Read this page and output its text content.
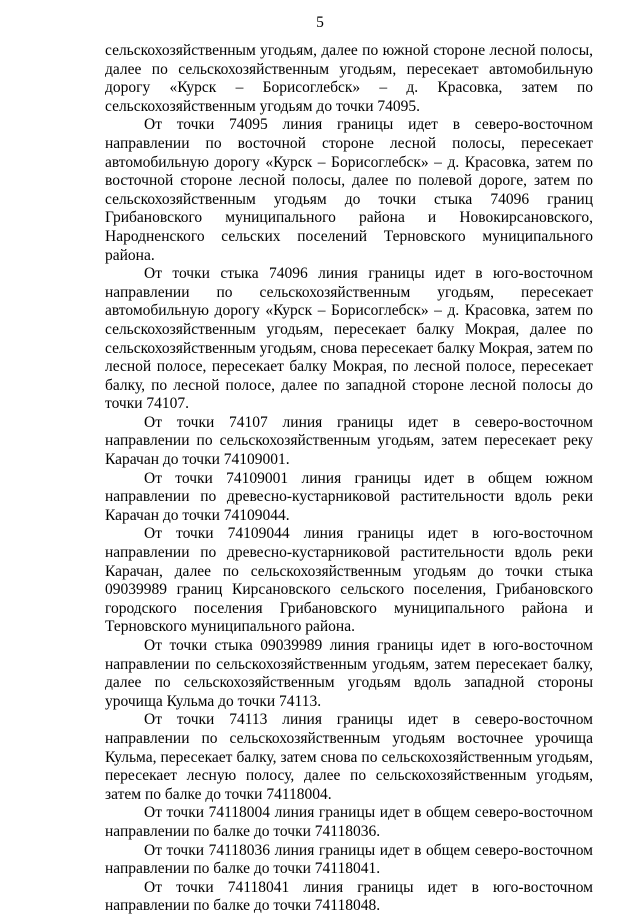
5

сельскохозяйственным угодьям, далее по южной стороне лесной полосы, далее по сельскохозяйственным угодьям, пересекает автомобильную дорогу «Курск – Борисоглебск» – д. Красовка, затем по сельскохозяйственным угодьям до точки 74095.

От точки 74095 линия границы идет в северо-восточном направлении по восточной стороне лесной полосы, пересекает автомобильную дорогу «Курск – Борисоглебск» – д. Красовка, затем по восточной стороне лесной полосы, далее по полевой дороге, затем по сельскохозяйственным угодьям до точки стыка 74096 границ Грибановского муниципального района и Новокирсановского, Народненского сельских поселений Терновского муниципального района.

От точки стыка 74096 линия границы идет в юго-восточном направлении по сельскохозяйственным угодьям, пересекает автомобильную дорогу «Курск – Борисоглебск» – д. Красовка, затем по сельскохозяйственным угодьям, пересекает балку Мокрая, далее по сельскохозяйственным угодьям, снова пересекает балку Мокрая, затем по лесной полосе, пересекает балку Мокрая, по лесной полосе, пересекает балку, по лесной полосе, далее по западной стороне лесной полосы до точки 74107.

От точки 74107 линия границы идет в северо-восточном направлении по сельскохозяйственным угодьям, затем пересекает реку Карачан до точки 74109001.

От точки 74109001 линия границы идет в общем южном направлении по древесно-кустарниковой растительности вдоль реки Карачан до точки 74109044.

От точки 74109044 линия границы идет в юго-восточном направлении по древесно-кустарниковой растительности вдоль реки Карачан, далее по сельскохозяйственным угодьям до точки стыка 09039989 границ Кирсановского сельского поселения, Грибановского городского поселения Грибановского муниципального района и Терновского муниципального района.

От точки стыка 09039989 линия границы идет в юго-восточном направлении по сельскохозяйственным угодьям, затем пересекает балку, далее по сельскохозяйственным угодьям вдоль западной стороны урочища Кульма до точки 74113.

От точки 74113 линия границы идет в северо-восточном направлении по сельскохозяйственным угодьям восточнее урочища Кульма, пересекает балку, затем снова по сельскохозяйственным угодьям, пересекает лесную полосу, далее по сельскохозяйственным угодьям, затем по балке до точки 74118004.

От точки 74118004 линия границы идет в общем северо-восточном направлении по балке до точки 74118036.

От точки 74118036 линия границы идет в общем северо-восточном направлении по балке до точки 74118041.

От точки 74118041 линия границы идет в юго-восточном направлении по балке до точки 74118048.
